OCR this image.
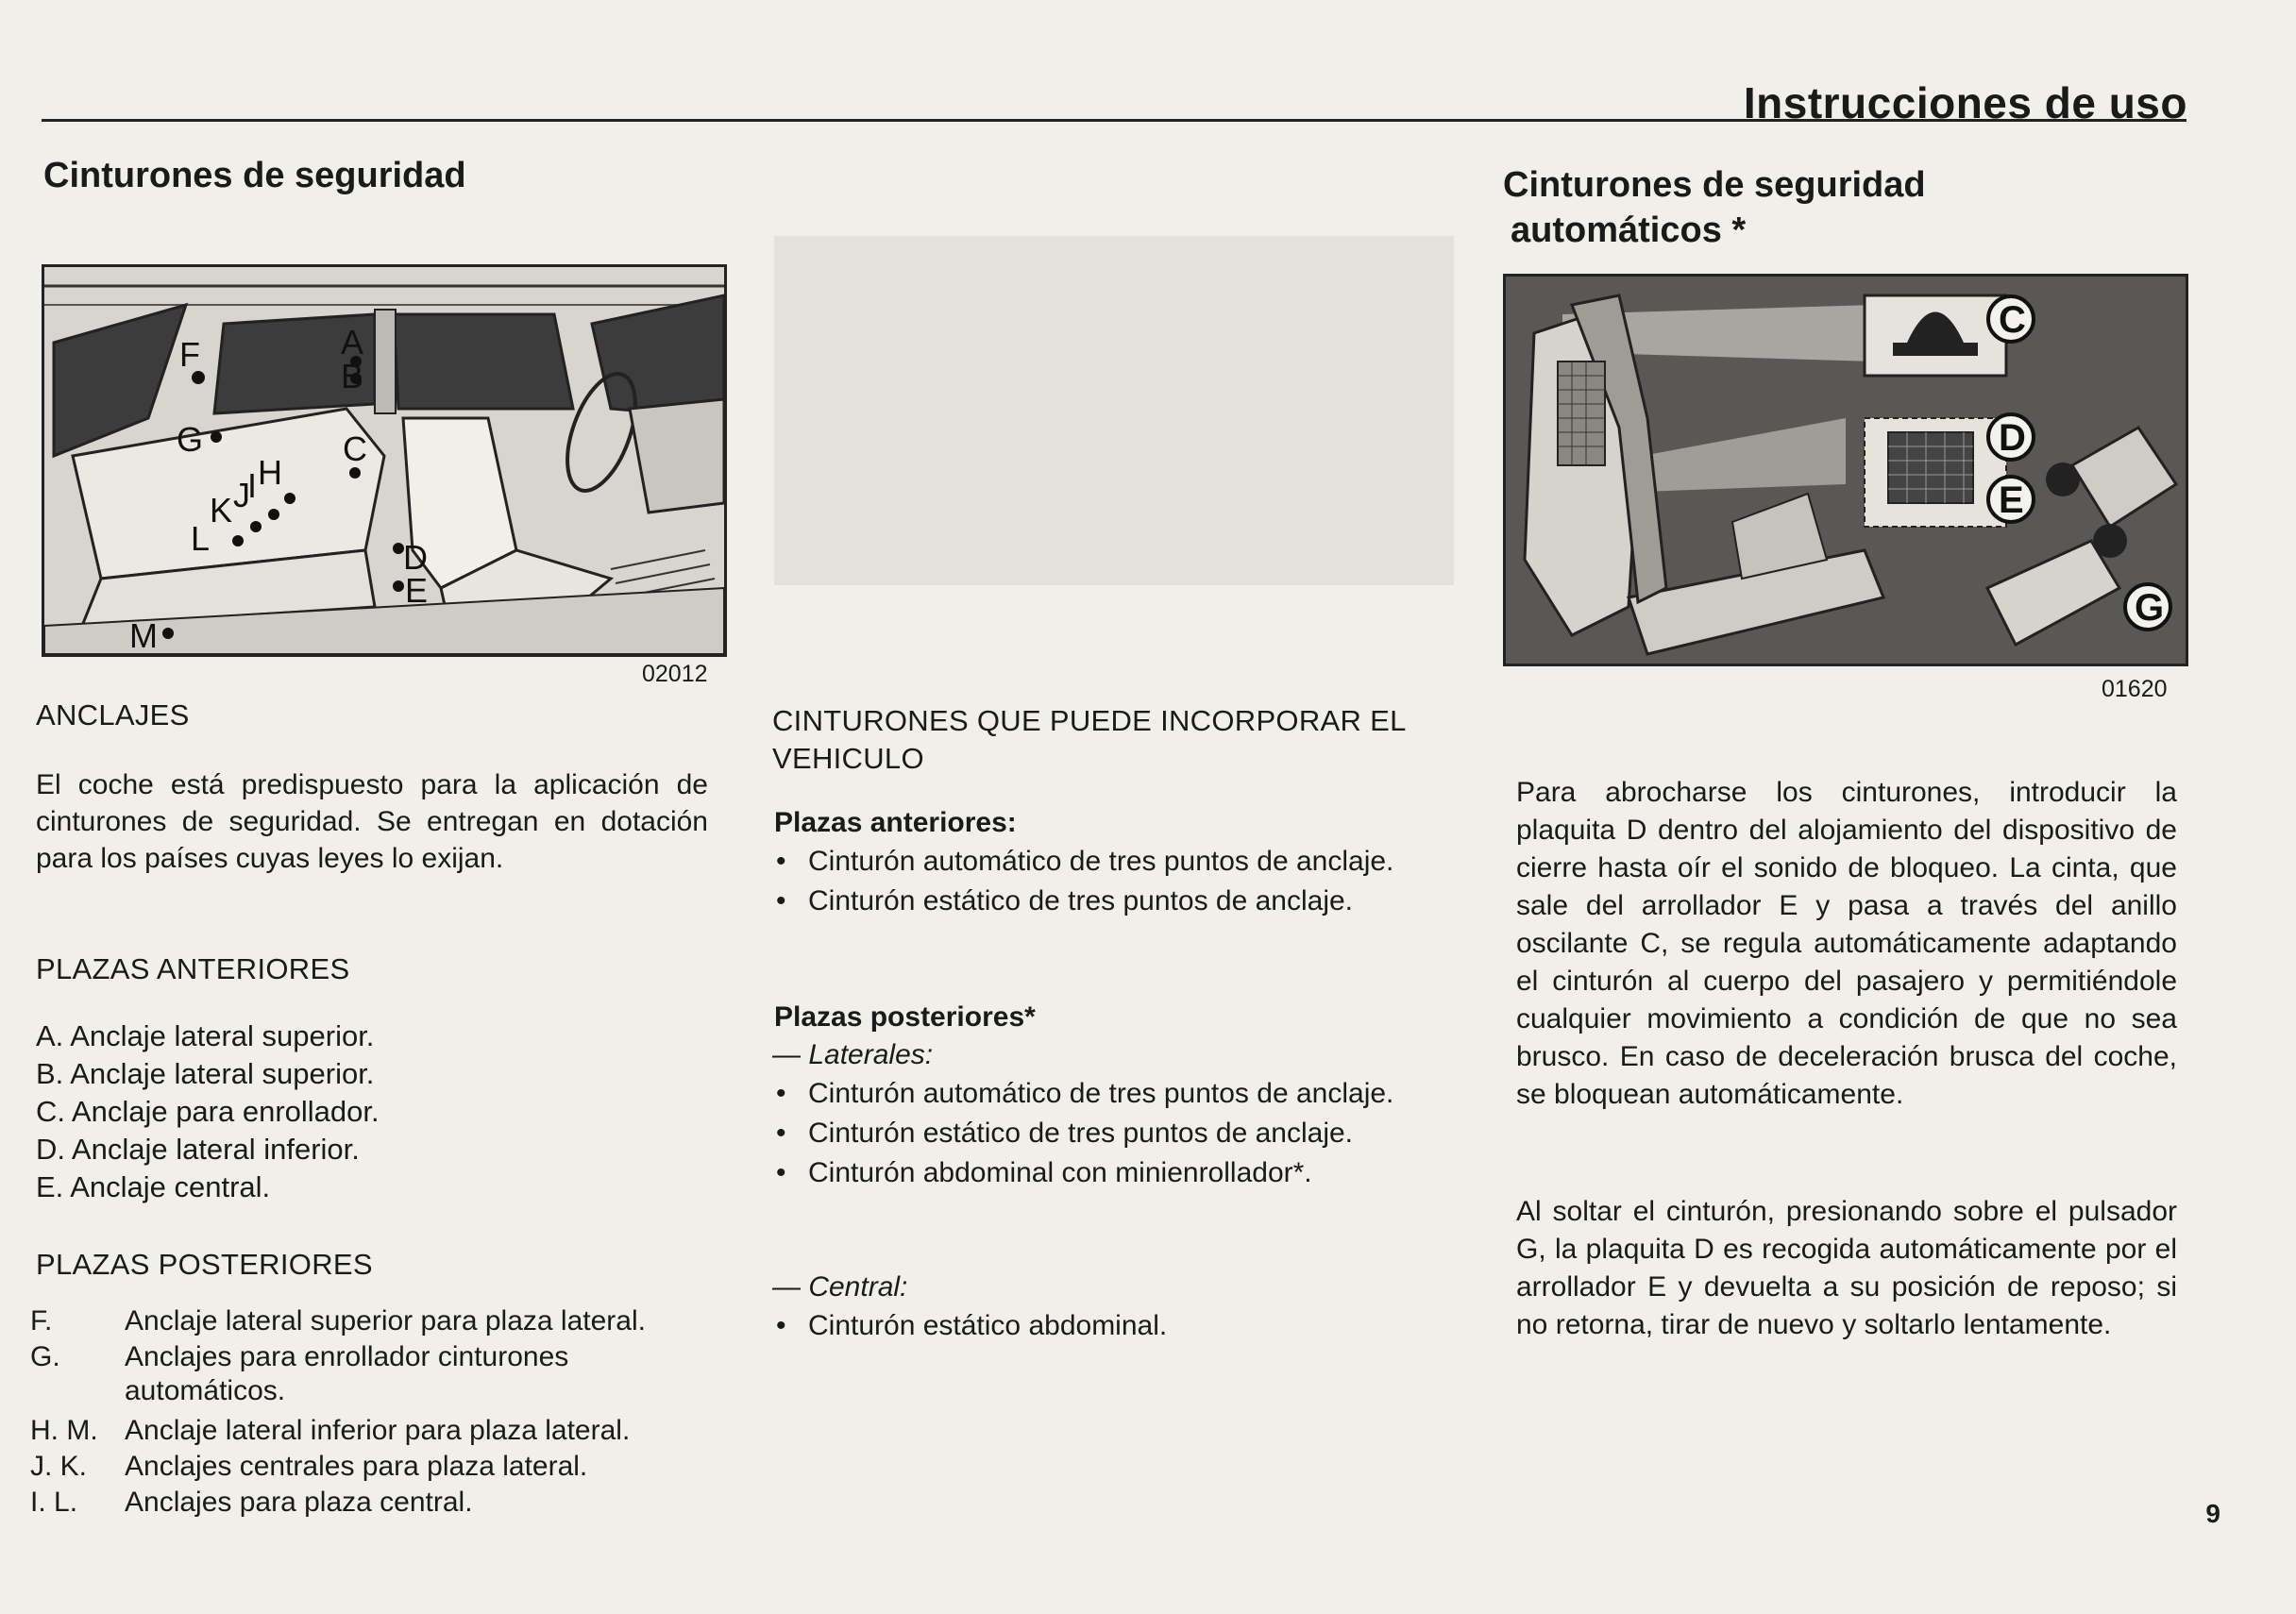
Instrucciones de uso
Cinturones de seguridad
F
G
A
B
C
H
I
J
K
L	D
E
M
02012
ANCLAJES
El coche está predispuesto para la aplicación de cinturones de seguridad. Se entregan en dotación para los países cuyas leyes lo exijan.
PLAZAS ANTERIORES
A. Anclaje lateral superior.
B. Anclaje lateral superior.
C. Anclaje para enrollador.
D. Anclaje lateral inferior.
E. Anclaje central.
PLAZAS POSTERIORES
F.	Anclaje lateral superior para plaza lateral.
G.	Anclajes para enrollador cinturones automáticos.
H. M. Anclaje lateral inferior para plaza lateral.
J. K.	Anclajes centrales para plaza lateral.
I. L.	Anclajes para plaza central.
CINTURONES QUE PUEDE INCORPORAR EL VEHICULO
Plazas anteriores:
• Cinturón automático de tres puntos de anclaje.
• Cinturón estático de tres puntos de anclaje.
Plazas posteriores*
— Laterales:
• Cinturón automático de tres puntos de anclaje.
• Cinturón estático de tres puntos de anclaje.
• Cinturón abdominal con minienrollador*.
— Central:
• Cinturón estático abdominal.
Cinturones de seguridad
automáticos *
C
D
E
G
01620
Para abrocharse los cinturones, introducir la plaquita D dentro del alojamiento del dispositivo de cierre hasta oír el sonido de bloqueo. La cinta, que sale del arrollador E y pasa a través del anillo oscilante C, se regula automáticamente adaptando el cinturón al cuerpo del pasajero y permitiéndole cualquier movimiento a condición de que no sea brusco. En caso de deceleración brusca del coche, se bloquean automáticamente.
Al soltar el cinturón, presionando sobre el pulsador G, la plaquita D es recogida automáticamente por el arrollador E y devuelta a su posición de reposo; si no retorna, tirar de nuevo y soltarlo lentamente.
9
